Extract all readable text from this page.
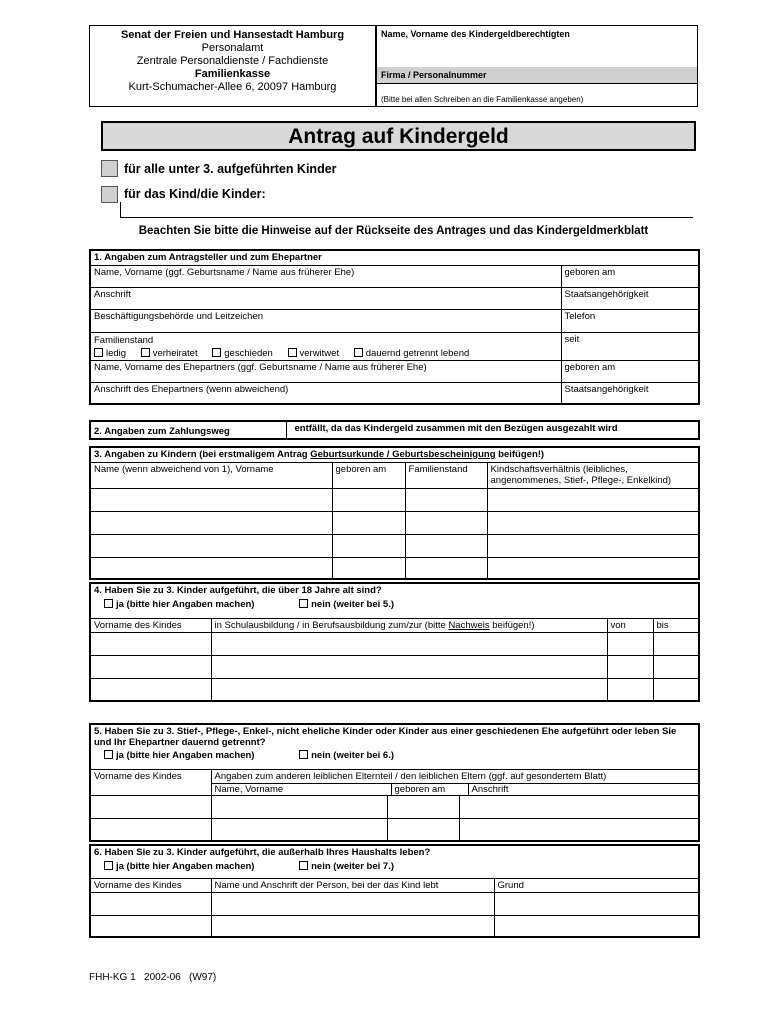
Senat der Freien und Hansestadt Hamburg
Personalamt
Zentrale Personaldienste / Fachdienste
Familienkasse
Kurt-Schumacher-Allee 6, 20097 Hamburg
Name, Vorname des Kindergeldberechtigten
Firma / Personalnummer
(Bitte bei allen Schreiben an die Familienkasse angeben)
Antrag auf Kindergeld
für alle unter 3. aufgeführten Kinder
für das Kind/die Kinder:
Beachten Sie bitte die Hinweise auf der Rückseite des Antrages und das Kindergeldmerkblatt
1. Angaben zum Antragsteller und zum Ehepartner	
Name, Vorname (ggf. Geburtsname / Name aus früherer Ehe)	geboren am
Anschrift	Staatsangehörigkeit
Beschäftigungsbehörde und Leitzeichen	Telefon

Familienstand
ledig verheiratet geschieden verwitwet dauernd getrennt lebend	seit
Name, Vorname des Ehepartners (ggf. Geburtsname / Name aus früherer Ehe)	geboren am
Anschrift des Ehepartners (wenn abweichend)	Staatsangehörigkeit
2. Angaben zum Zahlungsweg	entfällt, da das Kindergeld zusammen mit den Bezügen ausgezahlt wird
3. Angaben zu Kindern (bei erstmaligem Antrag Geburtsurkunde / Geburtsbescheinigung beifügen!)			
Name (wenn abweichend von 1), Vorname	geboren am	Familienstand	Kindschaftsverhältnis (leibliches, angenommenes, Stief-, Pflege-, Enkelkind)

4. Haben Sie zu 3. Kinder aufgeführt, die über 18 Jahre alt sind?
ja (bitte hier Angaben machen) nein (weiter bei 5.)			

Vorname des Kindes	in Schulausbildung / in Berufsausbildung zum/zur (bitte Nachweis beifügen!)	von	bis

5. Haben Sie zu 3. Stief-, Pflege-, Enkel-, nicht eheliche Kinder oder Kinder aus einer geschiedenen Ehe aufgeführt oder leben Sie und Ihr Ehepartner dauernd getrennt?
ja (bitte hier Angaben machen) nein (weiter bei 6.)			

Vorname des Kindes	Angaben zum anderen leiblichen Elternteil / den leiblichen Eltern (ggf. auf gesondertem Blatt)
Name, Vorname geboren am Anschrift		

6. Haben Sie zu 3. Kinder aufgeführt, die außerhalb Ihres Haushalts leben?
ja (bitte hier Angaben machen) nein (weiter bei 7.)		

Vorname des Kindes	Name und Anschrift der Person, bei der das Kind lebt	Grund

FHH-KG 1   2002-06   (W97)
